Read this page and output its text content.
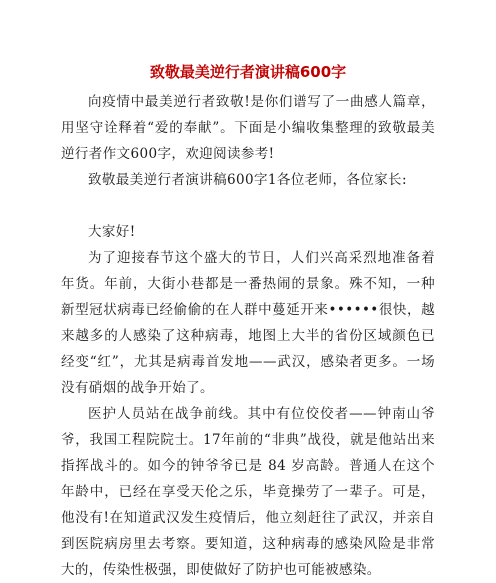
致敬最美逆行者演讲稿600字

向疫情中最美逆行者致敬!是你们谱写了一曲感人篇章，用坚守诠释着“爱的奉献”。下面是小编收集整理的致敬最美逆行者作文600字，欢迎阅读参考!

致敬最美逆行者演讲稿600字1各位老师，各位家长:

大家好!

为了迎接春节这个盛大的节日，人们兴高采烈地准备着年货。年前，大街小巷都是一番热闹的景象。殊不知，一种新型冠状病毒已经偷偷的在人群中蔓延开来••••••很快，越来越多的人感染了这种病毒，地图上大半的省份区域颜色已经变“红”，尤其是病毒首发地——武汉，感染者更多。一场没有硝烟的战争开始了。

医护人员站在战争前线。其中有位佼佼者——钟南山爷爷，我国工程院院士。17年前的“非典”战役，就是他站出来指挥战斗的。如今的钟爷爷已是 84 岁高龄。普通人在这个年龄中，已经在享受天伦之乐，毕竟操劳了一辈子。可是，他没有!在知道武汉发生疫情后，他立刻赶往了武汉，并亲自到医院病房里去考察。要知道，这种病毒的感染风险是非常大的，传染性极强，即使做好了防护也可能被感染。
